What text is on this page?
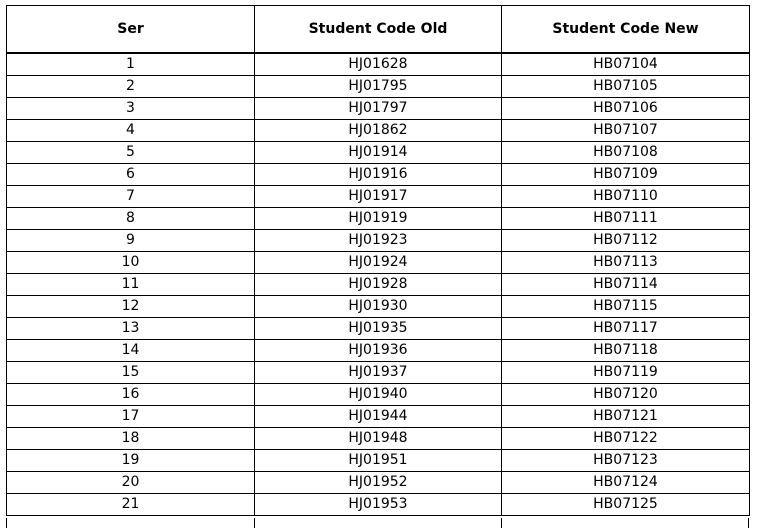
Ser	Student Code Old	Student Code New
1	HJ01628	HB07104
2	HJ01795	HB07105
3	HJ01797	HB07106
4	HJ01862	HB07107
5	HJ01914	HB07108
6	HJ01916	HB07109
7	HJ01917	HB07110
8	HJ01919	HB07111
9	HJ01923	HB07112
10	HJ01924	HB07113
11	HJ01928	HB07114
12	HJ01930	HB07115
13	HJ01935	HB07117
14	HJ01936	HB07118
15	HJ01937	HB07119
16	HJ01940	HB07120
17	HJ01944	HB07121
18	HJ01948	HB07122
19	HJ01951	HB07123
20	HJ01952	HB07124
21	HJ01953	HB07125
